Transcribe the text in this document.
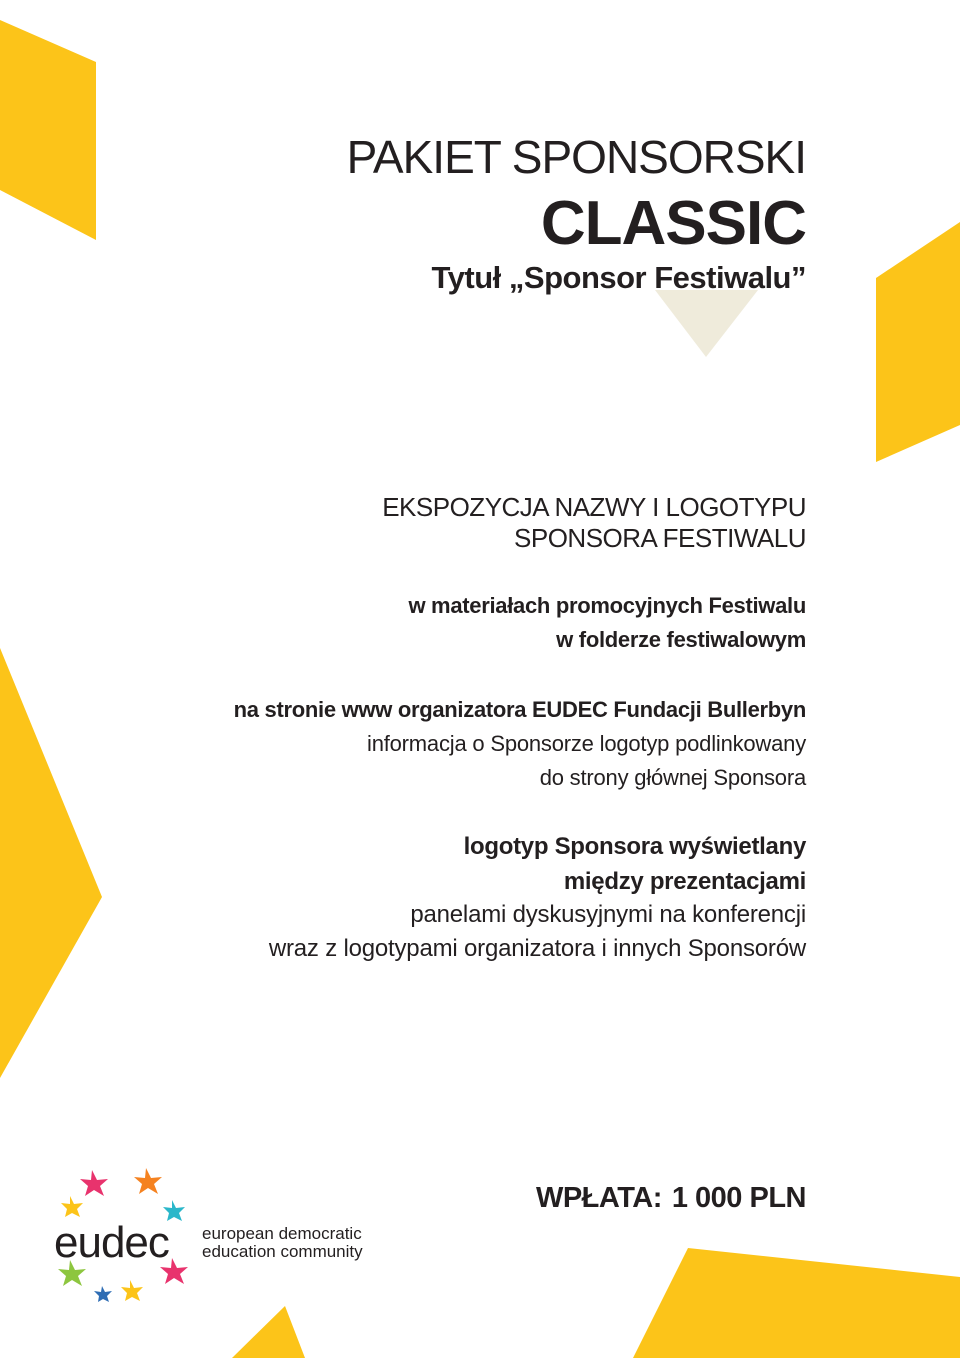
PAKIET SPONSORSKI
CLASSIC
Tytuł „Sponsor Festiwalu”
EKSPOZYCJA NAZWY I LOGOTYPU
SPONSORA FESTIWALU
w materiałach promocyjnych Festiwalu
w folderze festiwalowym
na stronie www organizatora EUDEC Fundacji Bullerbyn
informacja o Sponsorze logotyp podlinkowany
do strony głównej Sponsora
logotyp Sponsora wyświetlany
między prezentacjami
panelami dyskusyjnymi na konferencji
wraz z logotypami organizatora i innych Sponsorów
WPŁATA: 1 000 PLN
eudec european democratic
education community
